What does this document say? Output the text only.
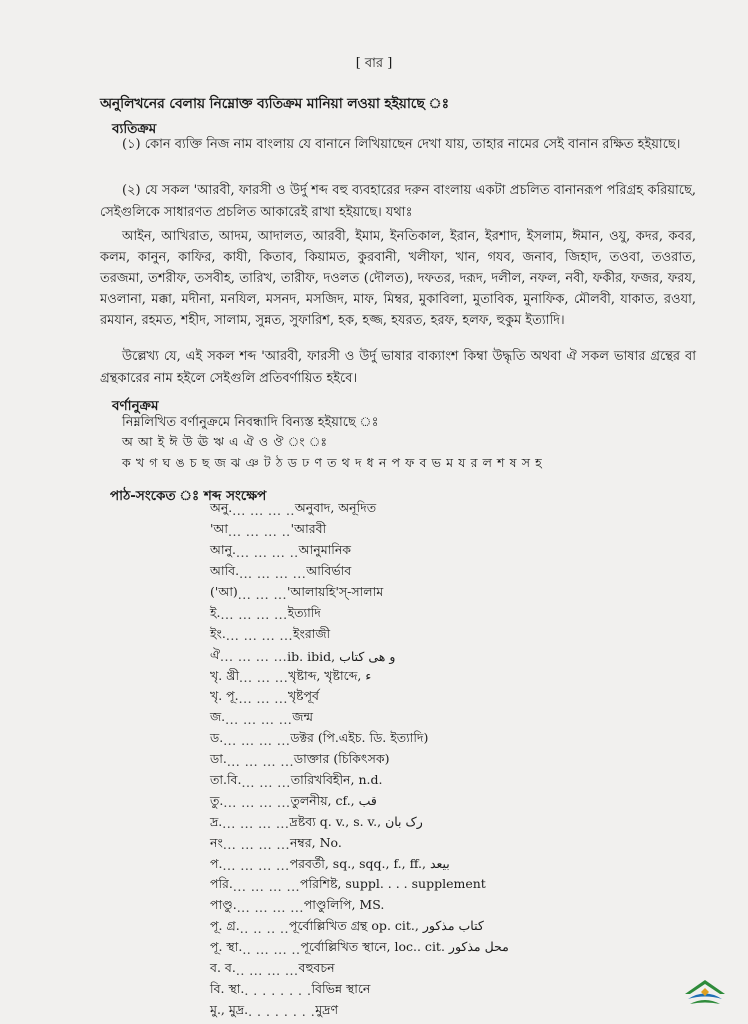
[ বার ]
অনুলিখনের বেলায় নিম্নোক্ত ব্যতিক্রম মানিয়া লওয়া হইয়াছে ঃ
ব্যতিক্রম
(১) কোন ব্যক্তি নিজ নাম বাংলায় যে বানানে লিখিয়াছেন দেখা যায়, তাহার নামের সেই বানান রক্ষিত হইয়াছে।
(২) যে সকল 'আরবী, ফারসী ও উর্দু শব্দ বহু ব্যবহারের দরুন বাংলায় একটা প্রচলিত বানানরূপ পরিগ্রহ করিয়াছে, সেইগুলিকে সাধারণত প্রচলিত আকারেই রাখা হইয়াছে। যথাঃ
আইন, আখিরাত, আদম, আদালত, আরবী, ইমাম, ইনতিকাল, ইরান, ইরশাদ, ইসলাম, ঈমান, ওযু, কদর, কবর, কলম, কানুন, কাফির, কাযী, কিতাব, কিয়ামত, কুরবানী, খলীফা, খান, গযব, জনাব, জিহাদ, তওবা, তওরাত, তরজমা, তশরীফ, তসবীহ, তারিখ, তারীফ, দওলত (দৌলত), দফতর, দরূদ, দলীল, নফল, নবী, ফকীর, ফজর, ফরয, মওলানা, মক্কা, মদীনা, মনযিল, মসনদ, মসজিদ, মাফ, মিম্বর, মুকাবিলা, মুতাবিক, মুনাফিক, মৌলবী, যাকাত, রওযা, রমযান, রহমত, শহীদ, সালাম, সুন্নত, সুফারিশ, হক, হজ্জ, হযরত, হরফ, হলফ, হুকুম ইত্যাদি।
উল্লেখ্য যে, এই সকল শব্দ 'আরবী, ফারসী ও উর্দু ভাষার বাক্যাংশ কিম্বা উদ্ধৃতি অথবা ঐ সকল ভাষার গ্রন্থের বা গ্রন্থকারের নাম হইলে সেইগুলি প্রতিবর্ণায়িত হইবে।
বর্ণানুক্রম
নিম্নলিখিত বর্ণানুক্রমে নিবন্ধাদি বিন্যস্ত হইয়াছে ঃ
অ আ ই ঈ উ ঊ ঋ এ ঐ ও ঔ ং ঃ
ক খ গ ঘ ঙ চ ছ জ ঝ ঞ ট ঠ ড ঢ ণ ত থ দ ধ ন প ফ ব ভ ম য র ল শ ষ স হ
পাঠ-সংকেত ঃ শব্দ সংক্ষেপ
অনু. ... ... ... .. অনুবাদ, অনূদিত
'আ ... ... ... .. 'আরবী
আনু. ... ... ... .. আনুমানিক
আবি. ... ... ... ... আবির্ভাব
('আ) ... ... ... 'আলায়হি'স্-সালাম
ই. ... ... ... ... ইত্যাদি
ইং. ... ... ... ... ইংরাজী
ঐ ... ... ... ... ib. ibid, و هی کتاب
খৃ. খ্রী ... ... ... খৃষ্টাব্দ, খৃষ্টাব্দে, ء
খৃ. পূ. ... ... ... খৃষ্টপূর্ব
জ. ... ... ... ... জন্ম
ড. ... ... ... ... ডক্টর (পি.এইচ. ডি. ইত্যাদি)
ডা. ... ... ... ... ডাক্তার (চিকিৎসক)
তা.বি. ... ... ... তারিখবিহীন, n.d.
তু. ... ... ... ... তুলনীয়, cf., قب
দ্র. ... ... ... ... দ্রষ্টব্য q. v., s. v., رک بان
নং ... ... ... ... নম্বর, No.
প. ... ... ... ... পরবর্তী, sq., sqq., f., ff., بيعد
পরি. ... ... ... ... পরিশিষ্ট, suppl. . . . supplement
পাণ্ডু. ... ... ... ... পাণ্ডুলিপি, MS.
পূ. গ্র. .. .. .. .. পূর্বোল্লিখিত গ্রন্থ op. cit., کتاب مذکور
পূ. স্থা. .. ... ... .. পূর্বোল্লিখিত স্থানে, loc.. cit. محل مذکور
ব. ব. .. ... ... ... বহুবচন
বি. স্থা. . . . . . . . . বিভিন্ন স্থানে
মু., মুদ্র. . . . . . . . . মুদ্রণ
